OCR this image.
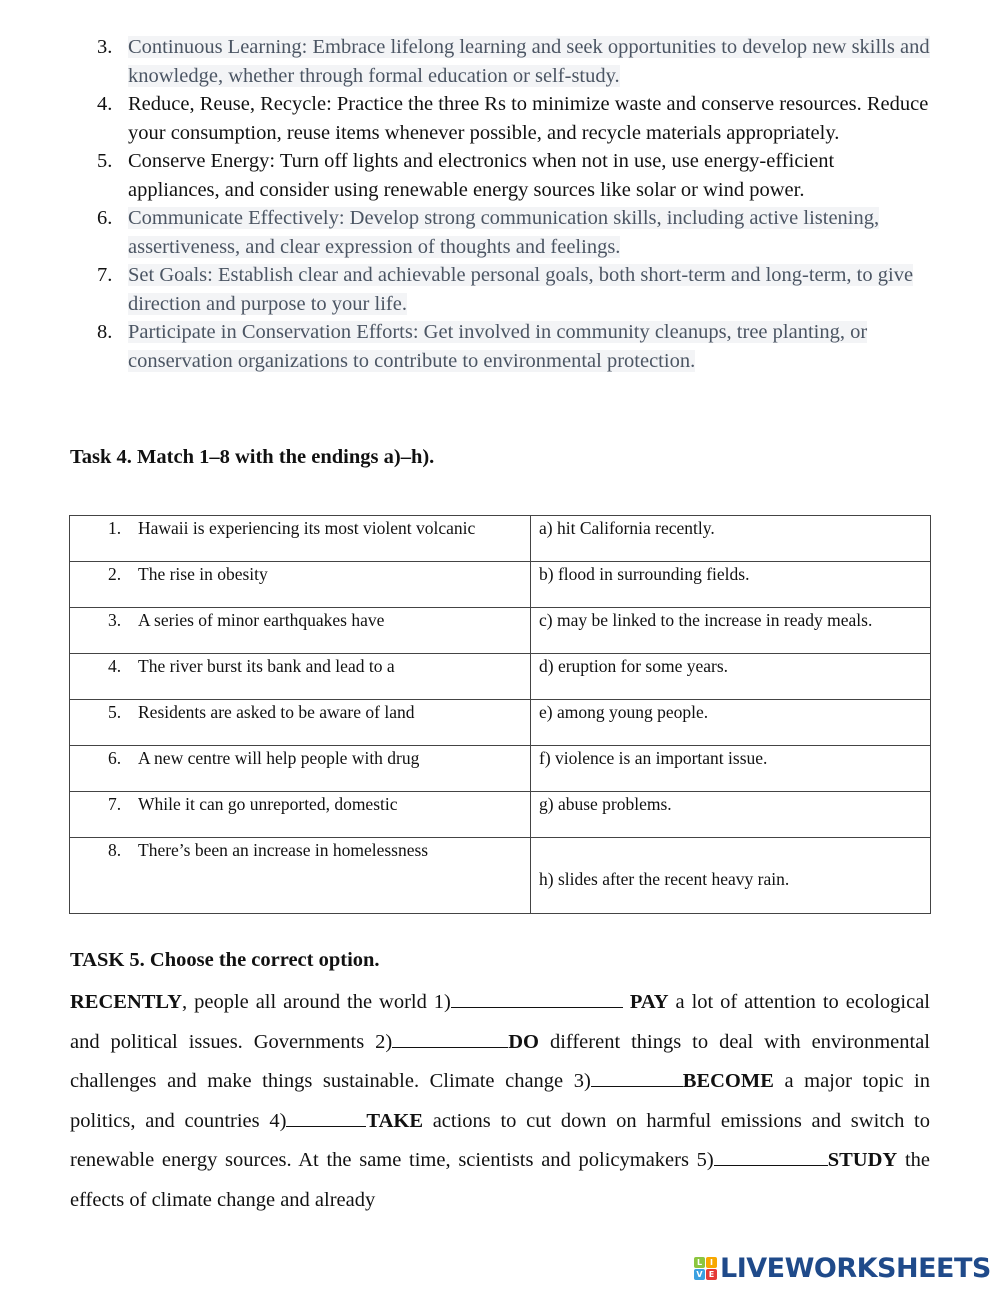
3. Continuous Learning: Embrace lifelong learning and seek opportunities to develop new skills and knowledge, whether through formal education or self-study.
4. Reduce, Reuse, Recycle: Practice the three Rs to minimize waste and conserve resources. Reduce your consumption, reuse items whenever possible, and recycle materials appropriately.
5. Conserve Energy: Turn off lights and electronics when not in use, use energy-efficient appliances, and consider using renewable energy sources like solar or wind power.
6. Communicate Effectively: Develop strong communication skills, including active listening, assertiveness, and clear expression of thoughts and feelings.
7. Set Goals: Establish clear and achievable personal goals, both short-term and long-term, to give direction and purpose to your life.
8. Participate in Conservation Efforts: Get involved in community cleanups, tree planting, or conservation organizations to contribute to environmental protection.
Task 4. Match 1–8 with the endings a)–h).
1. Hawaii is experiencing its most violent volcanic	a) hit California recently.

2. The rise in obesity	b) flood in surrounding fields.

3. A series of minor earthquakes have	c) may be linked to the increase in ready meals.

4. The river burst its bank and lead to a	d) eruption for some years.

5. Residents are asked to be aware of land	e) among young people.

6. A new centre will help people with drug	f) violence is an important issue.

7. While it can go unreported, domestic	g) abuse problems.

8. There’s been an increase in homelessness	h) slides after the recent heavy rain.
TASK 5. Choose the correct option.
RECENTLY, people all around the world 1)	PAY a lot of attention to ecological and political issues. Governments 2)	DO different things to deal with environmental challenges and make things sustainable. Climate change 3)	BECOME a major topic in politics, and countries 4)	TAKE actions to cut down on harmful emissions and switch to renewable energy sources. At the same time, scientists and policymakers 5)	STUDY the effects of climate change and already
L I
V E LIVEWORKSHEETS
